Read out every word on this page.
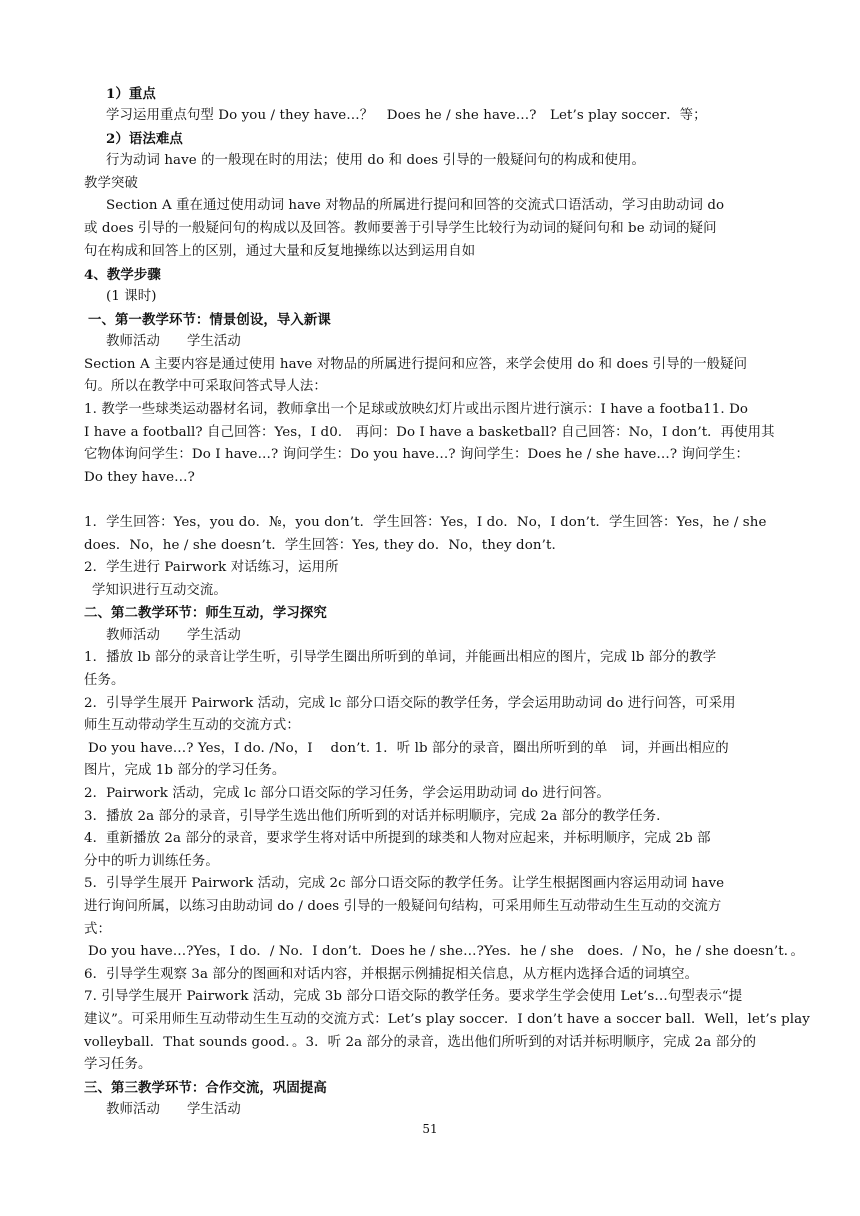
1）重点
学习运用重点句型 Do you / they have…？　Does he / she have…?　Let’s play soccer．等；
2）语法难点
行为动词 have 的一般现在时的用法；使用 do 和 does 引导的一般疑问句的构成和使用。
教学突破
Section A 重在通过使用动词 have 对物品的所属进行提问和回答的交流式口语活动，学习由助动词 do
或 does 引导的一般疑问句的构成以及回答。教师要善于引导学生比较行为动词的疑问句和 be 动词的疑问
句在构成和回答上的区别，通过大量和反复地操练以达到运用自如
4、教学步骤
(1 课时)
一、第一教学环节：情景创设，导入新课
教师活动　　学生活动
Section A 主要内容是通过使用 have 对物品的所属进行提问和应答，来学会使用 do 和 does 引导的一般疑问
句。所以在教学中可采取问答式导人法：
1. 教学一些球类运动器材名词，教师拿出一个足球或放映幻灯片或出示图片进行演示：I have a footba11. Do
I have a football? 自己回答：Yes，I d0.　再问：Do I have a basketball? 自己回答：No，I don’t．再使用其
它物体询问学生：Do I have…? 询问学生：Do you have…? 询问学生：Does he / she have…? 询问学生：
Do they have…?
1．学生回答：Yes，you do．№，you don’t．学生回答：Yes，I do．No，I don’t．学生回答：Yes，he / she
does．No，he / she doesn’t．学生回答：Yes, they do．No，they don’t.
2．学生进行 Pairwork 对话练习，运用所
学知识进行互动交流。
二、第二教学环节：师生互动，学习探究
教师活动　　学生活动
1．播放 lb 部分的录音让学生听，引导学生圈出所听到的单词，并能画出相应的图片，完成 lb 部分的教学
任务。
2．引导学生展开 Pairwork 活动，完成 lc 部分口语交际的教学任务，学会运用助动词 do 进行问答，可采用
师生互动带动学生互动的交流方式：
Do you have…? Yes，I do. /No，I　 don’t. 1．听 lb 部分的录音，圈出所听到的单　词，并画出相应的
图片，完成 1b 部分的学习任务。
2．Pairwork 活动，完成 lc 部分口语交际的学习任务，学会运用助动词 do 进行问答。
3．播放 2a 部分的录音，引导学生选出他们所听到的对话并标明顺序，完成 2a 部分的教学任务.
4．重新播放 2a 部分的录音，要求学生将对话中所提到的球类和人物对应起来，并标明顺序，完成 2b 部
分中的听力训练任务。
5．引导学生展开 Pairwork 活动，完成 2c 部分口语交际的教学任务。让学生根据图画内容运用动词 have
进行询问所属，以练习由助动词 do / does 引导的一般疑问句结构，可采用师生互动带动生生互动的交流方
式：
Do you have…?Yes，I do．/ No．I don’t．Does he / she…?Yes．he / she　does．/ No，he / she doesn’t．。
6．引导学生观察 3a 部分的图画和对话内容，并根据示例捕捉相关信息，从方框内选择合适的词填空。
7. 引导学生展开 Pairwork 活动，完成 3b 部分口语交际的教学任务。要求学生学会使用 Let’s…句型表示“提
建议”。可采用师生互动带动生生互动的交流方式：Let’s play soccer．I don’t have a soccer ball．Well，let’s play
volleyball．That sounds good．。3．听 2a 部分的录音，选出他们所听到的对话并标明顺序，完成 2a 部分的
学习任务。
三、第三教学环节：合作交流，巩固提高
教师活动　　学生活动
51
